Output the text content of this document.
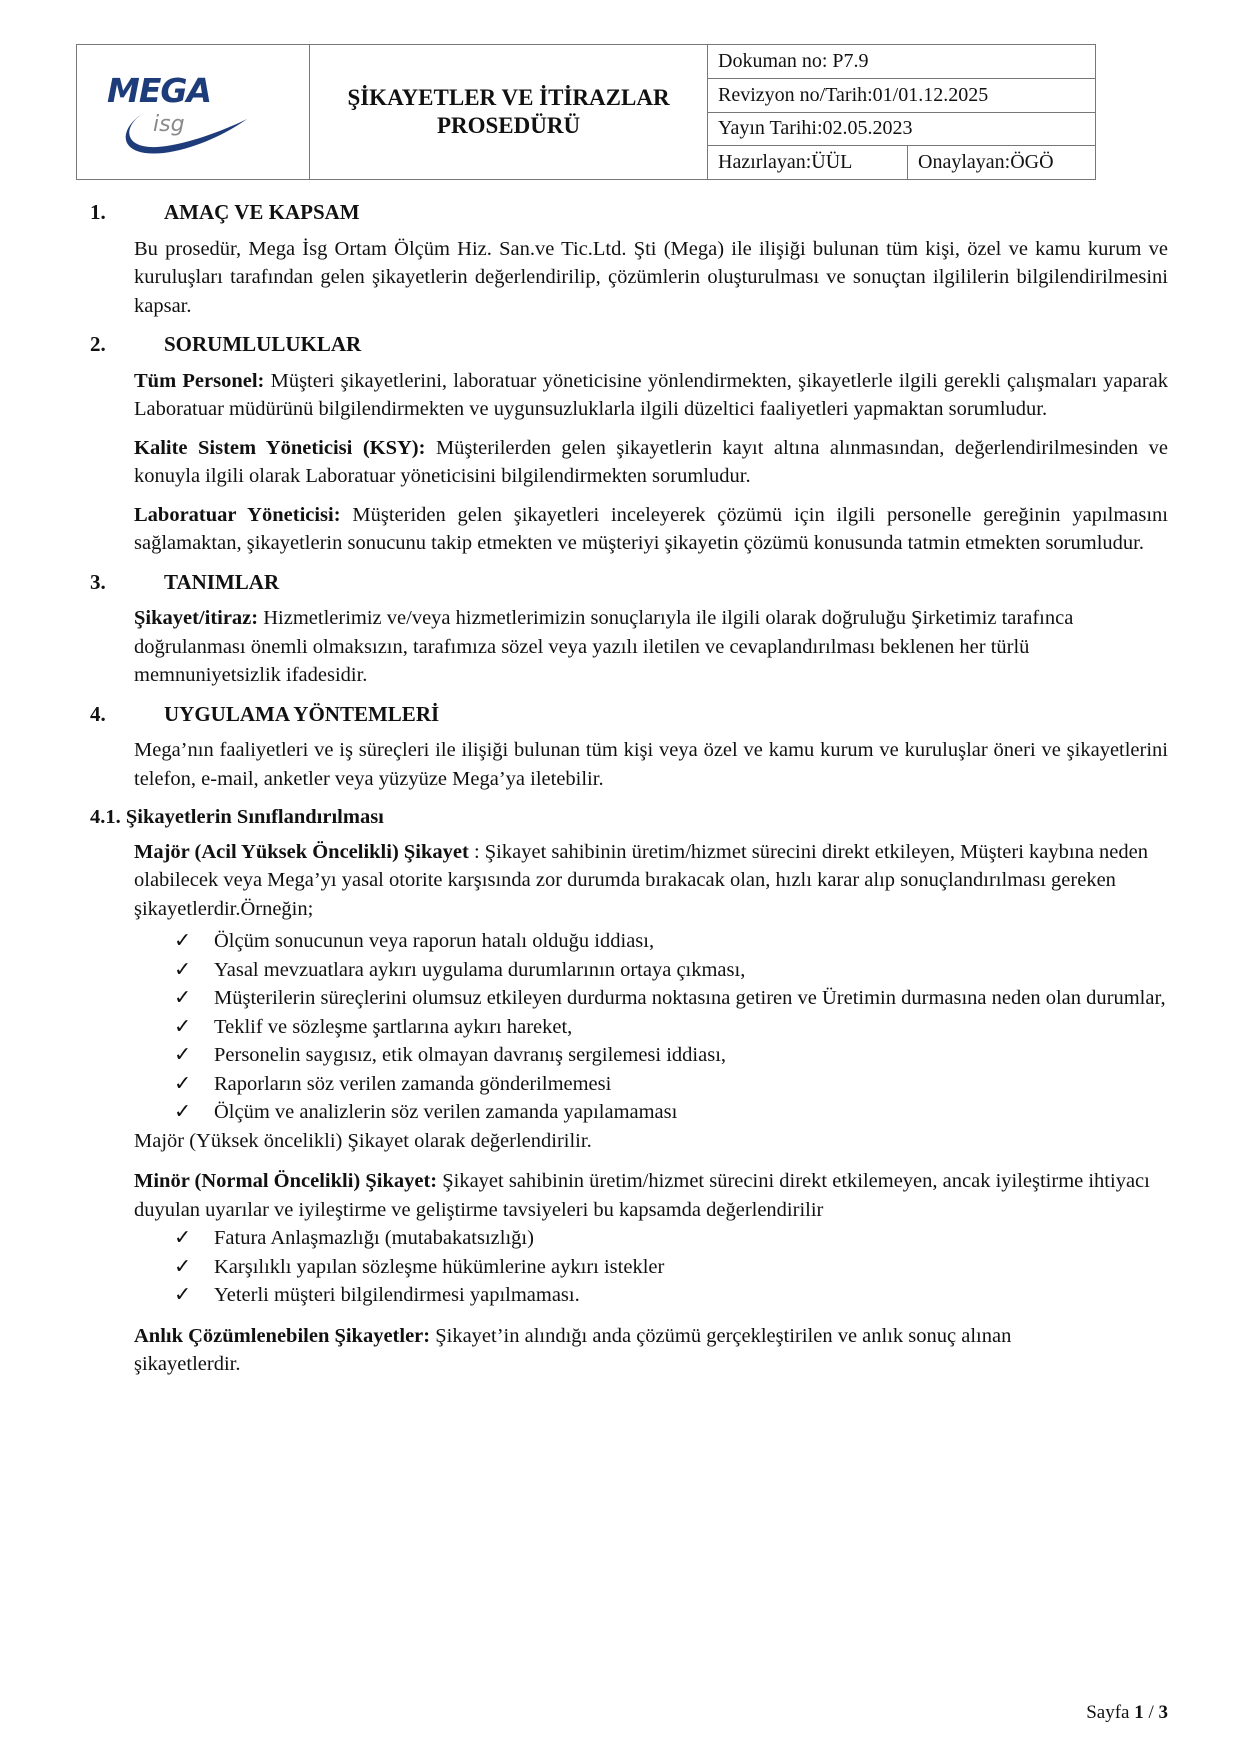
MEGA
isg
ŞİKAYETLER VE İTİRAZLAR
PROSEDÜRÜ
Dokuman no: P7.9
Revizyon no/Tarih:01/01.12.2025
Yayın Tarihi:02.05.2023
Hazırlayan:ÜÜL	Onaylayan:ÖGÖ
1.	AMAÇ VE KAPSAM
Bu prosedür, Mega İsg Ortam Ölçüm Hiz. San.ve Tic.Ltd. Şti (Mega) ile ilişiği bulunan tüm kişi, özel ve kamu kurum ve kuruluşları tarafından gelen şikayetlerin değerlendirilip, çözümlerin oluşturulması ve sonuçtan ilgililerin bilgilendirilmesini kapsar.
2.	SORUMLULUKLAR
Tüm Personel: Müşteri şikayetlerini, laboratuar yöneticisine yönlendirmekten, şikayetlerle ilgili gerekli çalışmaları yaparak Laboratuar müdürünü bilgilendirmekten ve uygunsuzluklarla ilgili düzeltici faaliyetleri yapmaktan sorumludur.
Kalite Sistem Yöneticisi (KSY): Müşterilerden gelen şikayetlerin kayıt altına alınmasından, değerlendirilmesinden ve konuyla ilgili olarak Laboratuar yöneticisini bilgilendirmekten sorumludur.
Laboratuar Yöneticisi: Müşteriden gelen şikayetleri inceleyerek çözümü için ilgili personelle gereğinin yapılmasını sağlamaktan, şikayetlerin sonucunu takip etmekten ve müşteriyi şikayetin çözümü konusunda tatmin etmekten sorumludur.
3.	TANIMLAR
Şikayet/itiraz: Hizmetlerimiz ve/veya hizmetlerimizin sonuçlarıyla ile ilgili olarak doğruluğu Şirketimiz tarafınca doğrulanması önemli olmaksızın, tarafımıza sözel veya yazılı iletilen ve cevaplandırılması beklenen her türlü memnuniyetsizlik ifadesidir.
4.	UYGULAMA YÖNTEMLERİ
Mega’nın faaliyetleri ve iş süreçleri ile ilişiği bulunan tüm kişi veya özel ve kamu kurum ve kuruluşlar öneri ve şikayetlerini telefon, e-mail, anketler veya yüzyüze Mega’ya iletebilir.
4.1. Şikayetlerin Sınıflandırılması
Majör (Acil Yüksek Öncelikli) Şikayet : Şikayet sahibinin üretim/hizmet sürecini direkt etkileyen, Müşteri kaybına neden olabilecek veya Mega’yı yasal otorite karşısında zor durumda bırakacak olan, hızlı karar alıp sonuçlandırılması gereken şikayetlerdir.Örneğin;
✓	Ölçüm sonucunun veya raporun hatalı olduğu iddiası,
✓	Yasal mevzuatlara aykırı uygulama durumlarının ortaya çıkması,
✓	Müşterilerin süreçlerini olumsuz etkileyen durdurma noktasına getiren ve Üretimin durmasına neden olan durumlar,
✓	Teklif ve sözleşme şartlarına aykırı hareket,
✓	Personelin saygısız, etik olmayan davranış sergilemesi iddiası,
✓	Raporların söz verilen zamanda gönderilmemesi
✓	Ölçüm ve analizlerin söz verilen zamanda yapılamaması
Majör (Yüksek öncelikli) Şikayet olarak değerlendirilir.
Minör (Normal Öncelikli) Şikayet: Şikayet sahibinin üretim/hizmet sürecini direkt etkilemeyen, ancak iyileştirme ihtiyacı duyulan uyarılar ve iyileştirme ve geliştirme tavsiyeleri bu kapsamda değerlendirilir
✓	Fatura Anlaşmazlığı (mutabakatsızlığı)
✓	Karşılıklı yapılan sözleşme hükümlerine aykırı istekler
✓	Yeterli müşteri bilgilendirmesi yapılmaması.
Anlık Çözümlenebilen Şikayetler: Şikayet’in alındığı anda çözümü gerçekleştirilen ve anlık sonuç alınan şikayetlerdir.
Sayfa 1 / 3
